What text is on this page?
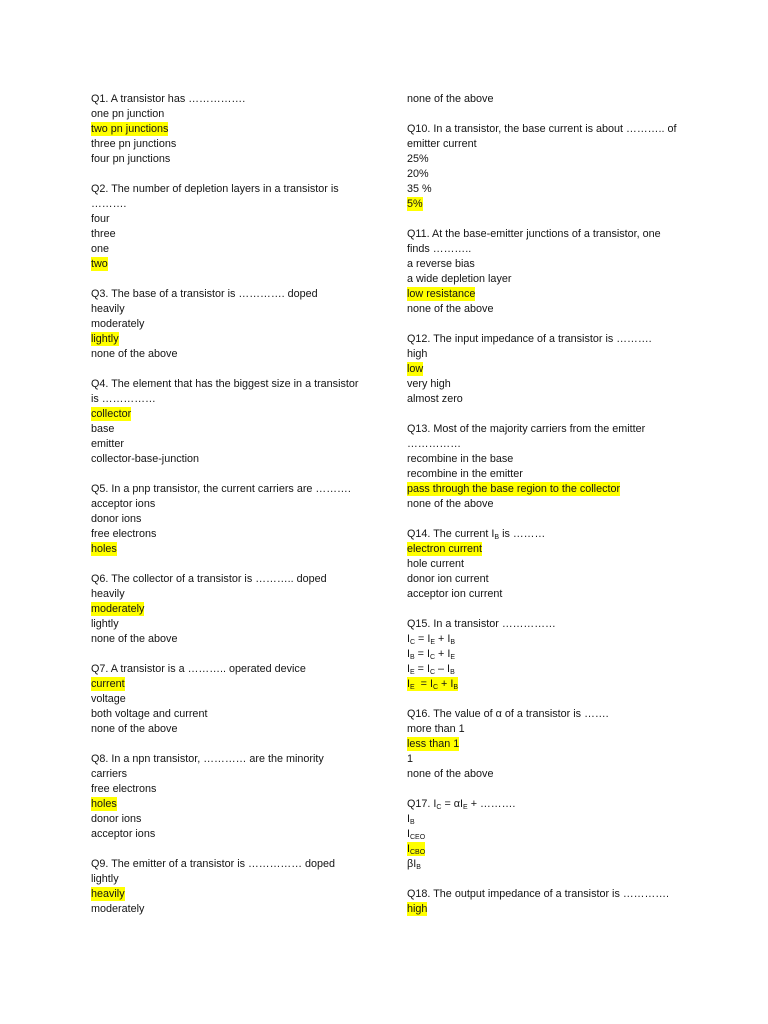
Q1. A transistor has …………….
one pn junction
two pn junctions
three pn junctions
four pn junctions
Q2. The number of depletion layers in a transistor is
……….
four
three
one
two
Q3. The base of a transistor is …………. doped
heavily
moderately
lightly
none of the above
Q4. The element that has the biggest size in a transistor
is ……………
collector
base
emitter
collector-base-junction
Q5. In a pnp transistor, the current carriers are ……….
acceptor ions
donor ions
free electrons
holes
Q6. The collector of a transistor is ……….. doped
heavily
moderately
lightly
none of the above
Q7. A transistor is a ……….. operated device
current
voltage
both voltage and current
none of the above
Q8. In a npn transistor, ………… are the minority
carriers
free electrons
holes
donor ions
acceptor ions
Q9. The emitter of a transistor is …………… doped
lightly
heavily
moderately
none of the above
Q10. In a transistor, the base current is about ……….. of
emitter current
25%
20%
35 %
5%
Q11. At the base-emitter junctions of a transistor, one
finds ………..
a reverse bias
a wide depletion layer
low resistance
none of the above
Q12. The input impedance of a transistor is ……….
high
low
very high
almost zero
Q13. Most of the majority carriers from the emitter
……………
recombine in the base
recombine in the emitter
pass through the base region to the collector
none of the above
Q14. The current $I_B$ is ………
electron current
hole current
donor ion current
acceptor ion current
Q15. In a transistor ……………
$I_C = I_E + I_B$
$I_B = I_C + I_E$
$I_E = I_C - I_B$
$I_E = I_C + I_B$
Q16. The value of α of a transistor is …….
more than 1
less than 1
1
none of the above
Q17. $I_C = \alpha I_E$ + ……….
$I_B$
$I_{CEO}$
$I_{CBO}$
$\beta I_B$
Q18. The output impedance of a transistor is ………….
high
